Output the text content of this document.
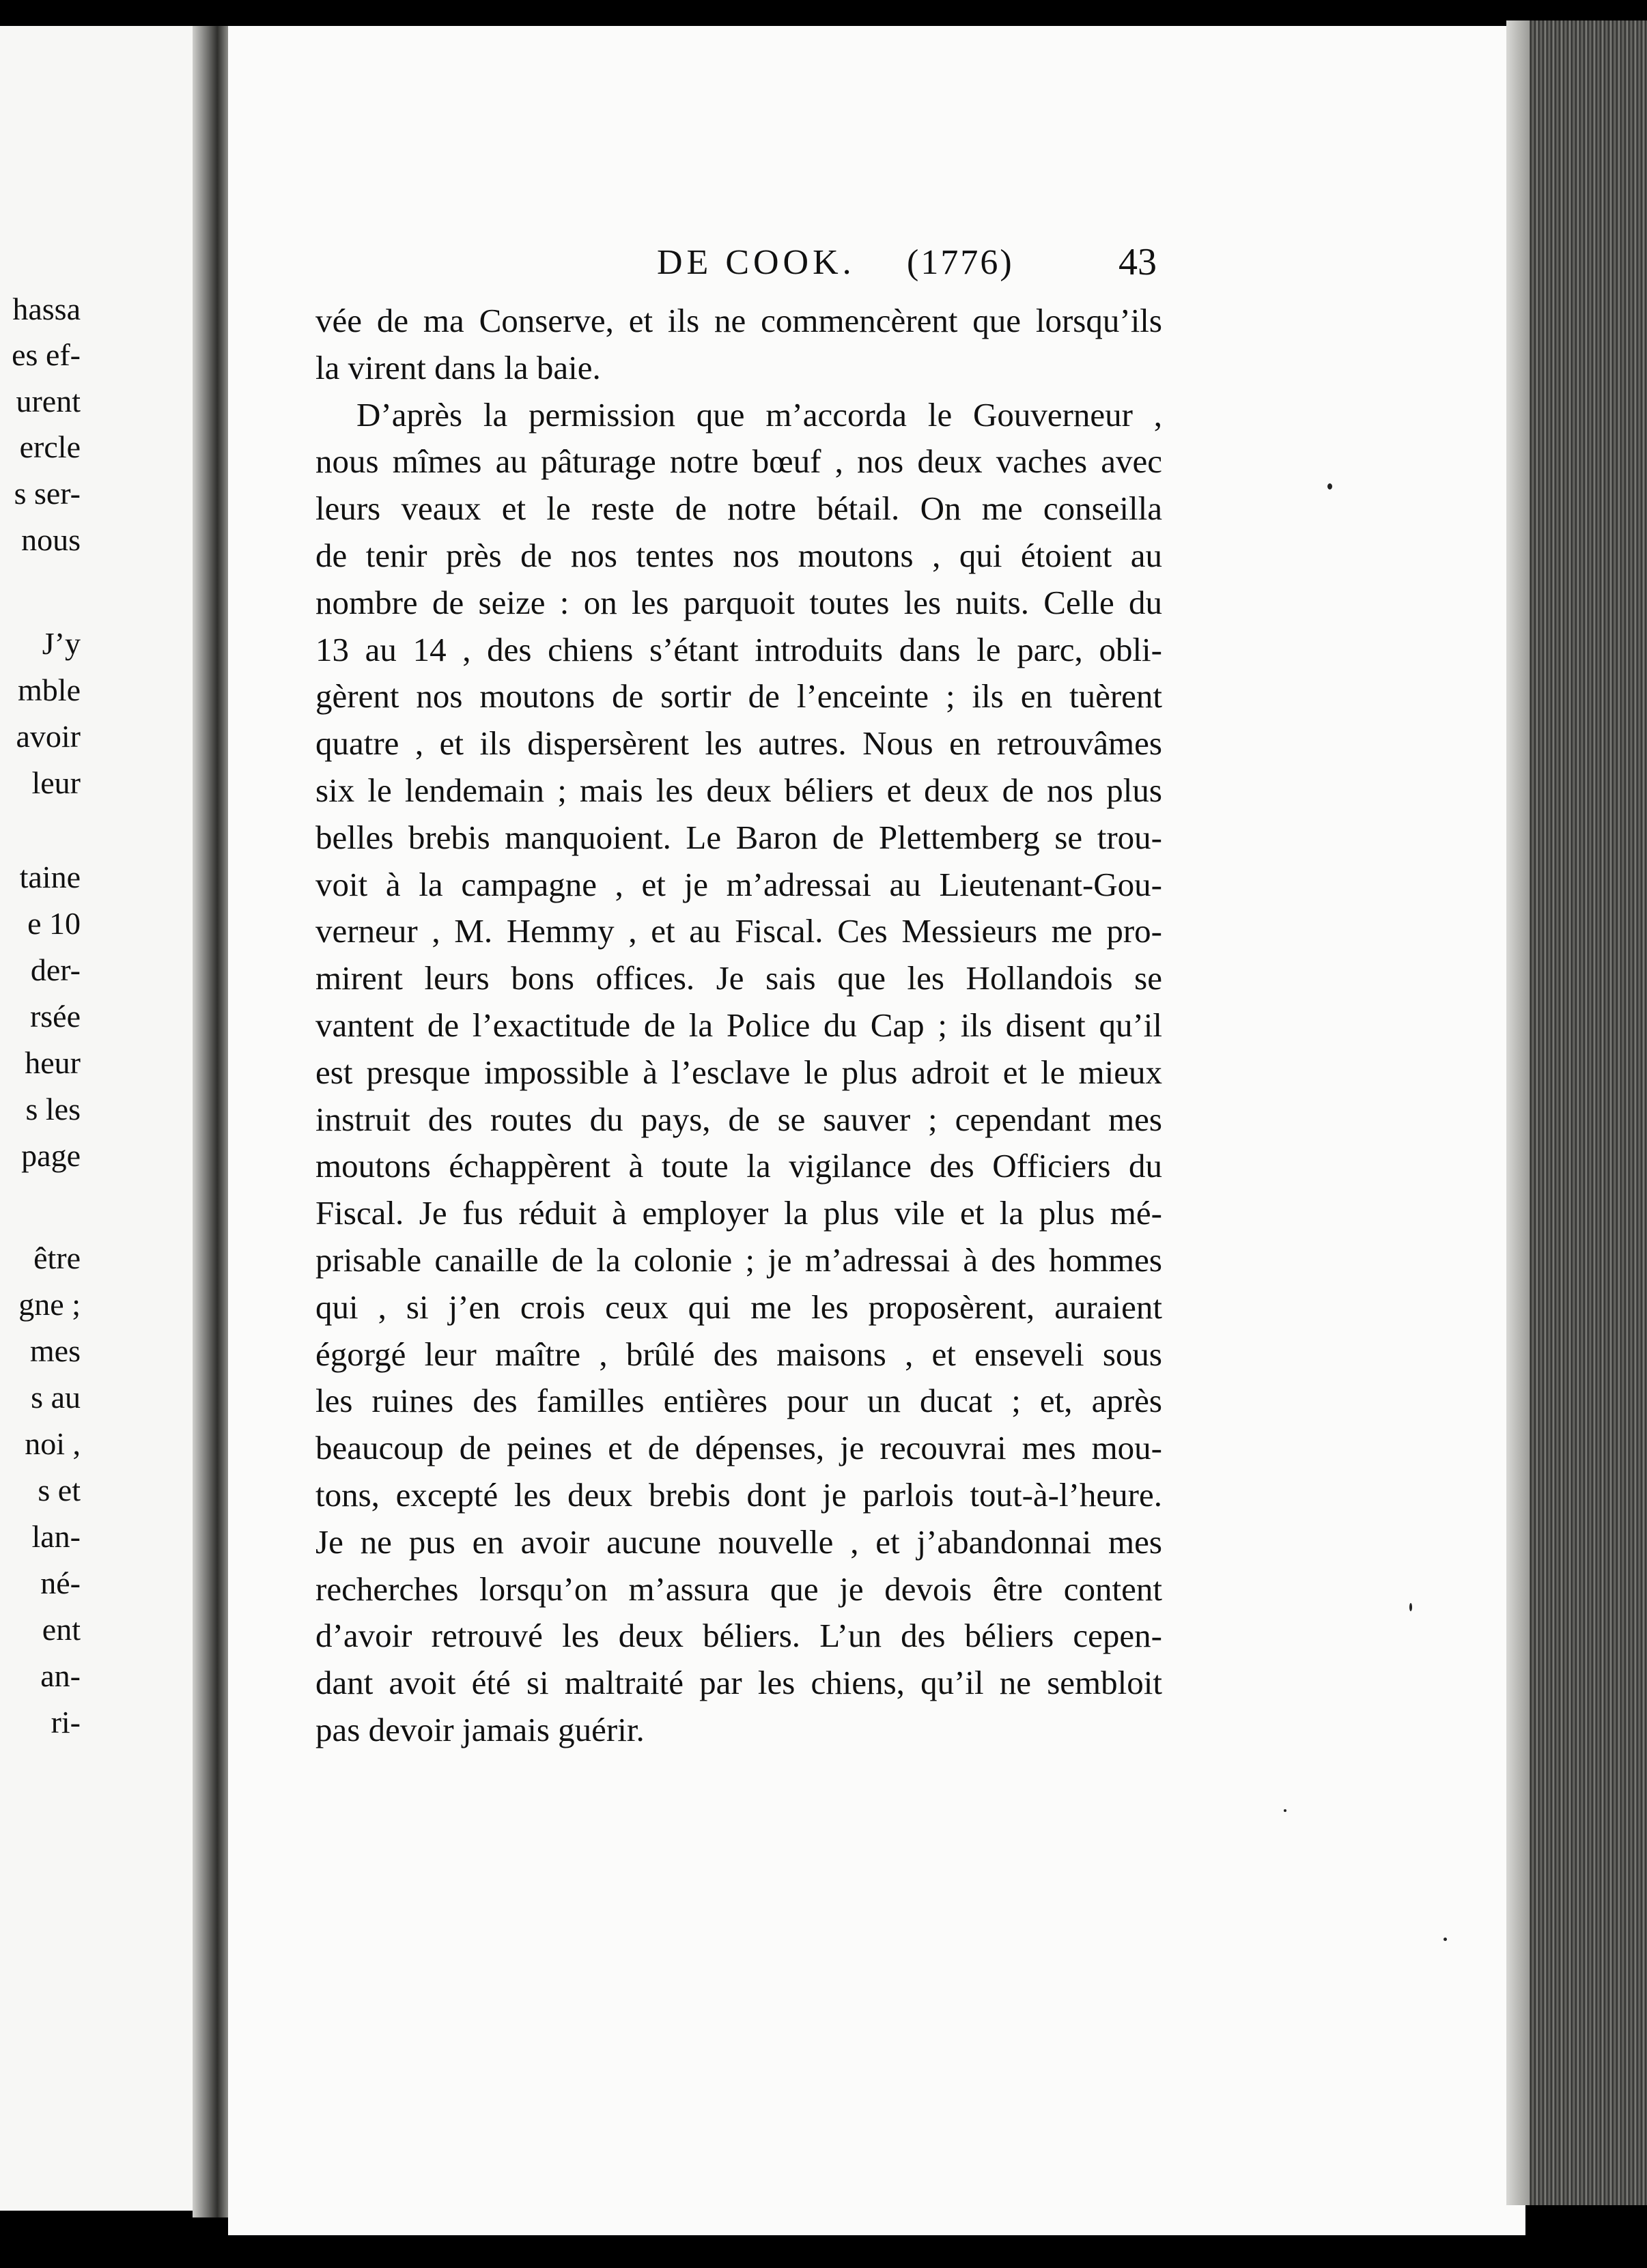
hassa
es ef-
urent
ercle
s ser-
nous
J’y
mble
avoir
leur
taine
e 10
der-
rsée
heur
s les
page
être
gne ;
mes
s au
noi ,
s et
lan-
né-
ent
an-
ri-
DE COOK. (1776)	43
vée de ma Conserve, et ils ne commencèrent que lorsqu’ils
la virent dans la baie.
D’après la permission que m’accorda le Gouverneur ,
nous mîmes au pâturage notre bœuf , nos deux vaches avec
leurs veaux et le reste de notre bétail. On me conseilla
de tenir près de nos tentes nos moutons , qui étoient au
nombre de seize : on les parquoit toutes les nuits. Celle du
13 au 14 , des chiens s’étant introduits dans le parc, obli-
gèrent nos moutons de sortir de l’enceinte ; ils en tuèrent
quatre , et ils dispersèrent les autres. Nous en retrouvâmes
six le lendemain ; mais les deux béliers et deux de nos plus
belles brebis manquoient. Le Baron de Plettemberg se trou-
voit à la campagne , et je m’adressai au Lieutenant-Gou-
verneur , M. Hemmy , et au Fiscal. Ces Messieurs me pro-
mirent leurs bons offices. Je sais que les Hollandois se
vantent de l’exactitude de la Police du Cap ; ils disent qu’il
est presque impossible à l’esclave le plus adroit et le mieux
instruit des routes du pays, de se sauver ; cependant mes
moutons échappèrent à toute la vigilance des Officiers du
Fiscal. Je fus réduit à employer la plus vile et la plus mé-
prisable canaille de la colonie ; je m’adressai à des hommes
qui , si j’en crois ceux qui me les proposèrent, auraient
égorgé leur maître , brûlé des maisons , et enseveli sous
les ruines des familles entières pour un ducat ; et, après
beaucoup de peines et de dépenses, je recouvrai mes mou-
tons, excepté les deux brebis dont je parlois tout-à-l’heure.
Je ne pus en avoir aucune nouvelle , et j’abandonnai mes
recherches lorsqu’on m’assura que je devois être content
d’avoir retrouvé les deux béliers. L’un des béliers cepen-
dant avoit été si maltraité par les chiens, qu’il ne sembloit
pas devoir jamais guérir.
